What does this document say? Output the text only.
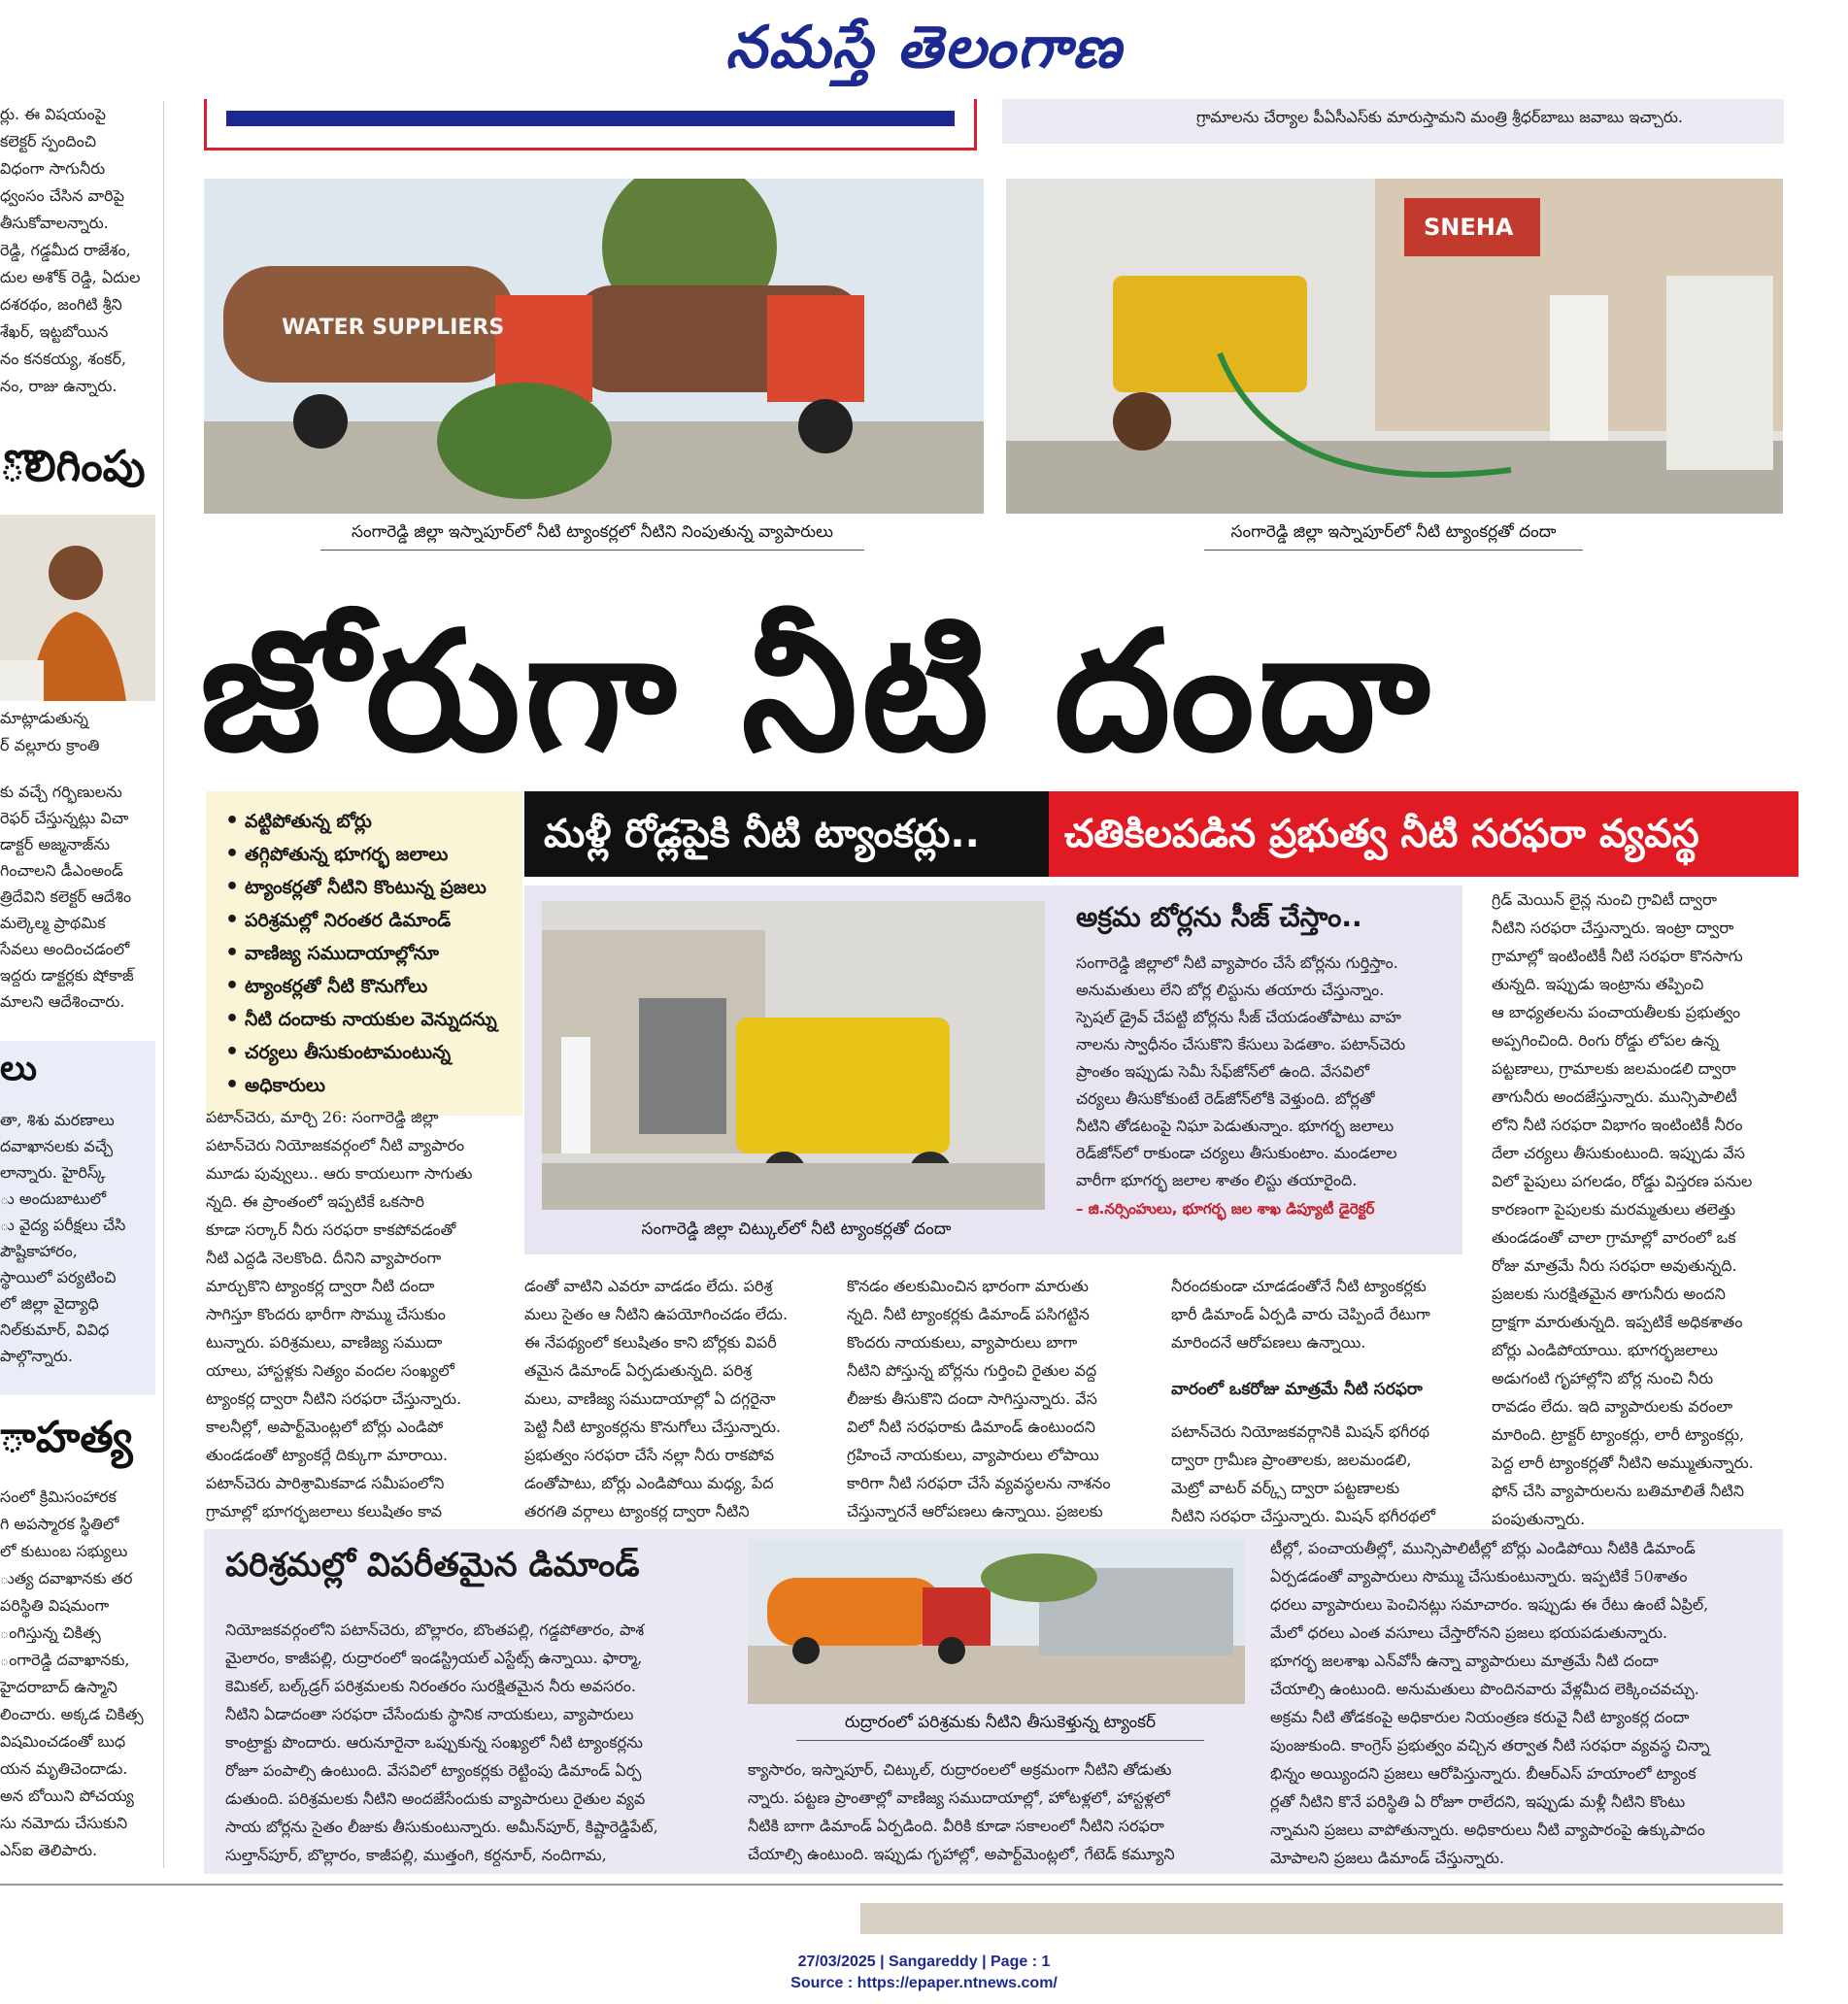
నమస్తే తెలంగాణ
గ్రామాలను చేర్యాల పీఏసీఎస్‌కు మారుస్తామని మంత్రి శ్రీధర్‌బాబు జవాబు ఇచ్చారు.

ర్లు. ఈ విషయంపై

కలెక్టర్ స్పందించి

విధంగా సాగునీరు

ధ్వంసం చేసిన వారిపై

తీసుకోవాలన్నారు.

రెడ్డి, గడ్డమీద రాజేశం,

దుల అశోక్ రెడ్డి, ఏదుల

దశరథం, జంగిటి శ్రీని

శేఖర్, ఇట్టబోయిన

నం కనకయ్య, శంకర్,

నం, రాజు ఉన్నారు.

ొలిగింపు

మాట్లాడుతున్న

ర్ వల్లూరు క్రాంతి

కు వచ్చే గర్భిణులను

రెఫర్ చేస్తున్నట్లు విచా

డాక్టర్ అజ్మనాజ్‌ను

గించాలని డీఎంఅండ్

త్రిదేవిని కలెక్టర్ ఆదేశిం

మల్కెల్మ ప్రాథమిక

సేవలు అందించడంలో

ఇద్దరు డాక్టర్లకు షోకాజ్

మాలని ఆదేశించారు.

లు

తా, శిశు మరణాలు

దవాఖానలకు వచ్చే

లాన్నారు. హైరిస్క్

ు అందుబాటులో

ు వైద్య పరీక్షలు చేసి

పౌష్టికాహారం,

స్థాయిలో పర్యటించి

లో జిల్లా వైద్యాధి

నిల్‌కుమార్, వివిధ

పాల్గొన్నారు.

ాహత్య

సంలో క్రిమిసంహారక

గి అపస్మారక స్థితిలో

లో కుటుంబ సభ్యులు

ుత్య దవాఖానకు తర

పరిస్థితి విషమంగా

ంగిస్తున్న చికిత్స

ంగారెడ్డి దవాఖానకు,

హైదరాబాద్ ఉస్మాని

లించారు. అక్కడ చికిత్స

విషమించడంతో బుధ

యన మృతిచెందాడు.

అన బోయిని పోచయ్య

సు నమోదు చేసుకుని

ఎస్ఐ తెలిపారు.

WATER SUPPLIERS
సంగారెడ్డి జిల్లా ఇస్నాపూర్‌లో నీటి ట్యాంకర్లలో నీటిని నింపుతున్న వ్యాపారులు
SNEHA
సంగారెడ్డి జిల్లా ఇస్నాపూర్‌లో నీటి ట్యాంకర్లతో దందా
జోరుగా నీటి దందా
• వట్టిపోతున్న బోర్లు
• తగ్గిపోతున్న భూగర్భ జలాలు
• ట్యాంకర్లతో నీటిని కొంటున్న ప్రజలు
• పరిశ్రమల్లో నిరంతర డిమాండ్
• వాణిజ్య సముదాయాల్లోనూ
• ట్యాంకర్లతో నీటి కొనుగోలు
• నీటి దందాకు నాయకుల వెన్నుదన్ను
• చర్యలు తీసుకుంటామంటున్న
• అధికారులు
మళ్లీ రోడ్లపైకి నీటి ట్యాంకర్లు..	చతికిలపడిన ప్రభుత్వ నీటి సరఫరా వ్యవస్థ
సంగారెడ్డి జిల్లా చిట్కుల్‌లో నీటి ట్యాంకర్లతో దందా
అక్రమ బోర్లను సీజ్ చేస్తాం..

సంగారెడ్డి జిల్లాలో నీటి వ్యాపారం చేసే బోర్లను గుర్తిస్తాం.

అనుమతులు లేని బోర్ల లిస్టును తయారు చేస్తున్నాం.

స్పెషల్ డ్రైవ్ చేపట్టి బోర్లను సీజ్ చేయడంతోపాటు వాహ

నాలను స్వాధీనం చేసుకొని కేసులు పెడతాం. పటాన్‌చెరు

ప్రాంతం ఇప్పుడు సెమీ సేఫ్‌జోన్‌లో ఉంది. వేసవిలో

చర్యలు తీసుకోకుంటే రెడ్‌జోన్‌లోకి వెళ్తుంది. బోర్లతో

నీటిని తోడటంపై నిఘా పెడుతున్నాం. భూగర్భ జలాలు

రెడ్‌జోన్‌లో రాకుండా చర్యలు తీసుకుంటాం. మండలాల

వారీగా భూగర్భ జలాల శాతం లిస్టు తయారైంది.

– జి.నర్సింహులు, భూగర్భ జల శాఖ డిప్యూటీ డైరెక్టర్

పటాన్‌చెరు, మార్చి 26: సంగారెడ్డి జిల్లా

పటాన్‌చెరు నియోజకవర్గంలో నీటి వ్యాపారం

మూడు పువ్వులు.. ఆరు కాయలుగా సాగుతు

న్నది. ఈ ప్రాంతంలో ఇప్పటికే ఒకసారి

కూడా సర్కార్ నీరు సరఫరా కాకపోవడంతో

నీటి ఎద్దడి నెలకొంది. దీనిని వ్యాపారంగా

మార్చుకొని ట్యాంకర్ల ద్వారా నీటి దందా

సాగిస్తూ కొందరు భారీగా సొమ్ము చేసుకుం

టున్నారు. పరిశ్రమలు, వాణిజ్య సముదా

యాలు, హాస్టళ్లకు నిత్యం వందల సంఖ్యలో

ట్యాంకర్ల ద్వారా నీటిని సరఫరా చేస్తున్నారు.

కాలనీల్లో, అపార్ట్‌మెంట్లలో బోర్లు ఎండిపో

తుండడంతో ట్యాంకర్లే దిక్కుగా మారాయి.

పటాన్‌చెరు పారిశ్రామికవాడ సమీపంలోని

గ్రామాల్లో భూగర్భజలాలు కలుషితం కావ

డంతో వాటిని ఎవరూ వాడడం లేదు. పరిశ్ర

మలు సైతం ఆ నీటిని ఉపయోగించడం లేదు.

ఈ నేపథ్యంలో కలుషితం కాని బోర్లకు విపరీ

తమైన డిమాండ్ ఏర్పడుతున్నది. పరిశ్ర

మలు, వాణిజ్య సముదాయాల్లో ఏ దగ్గరైనా

పెట్టి నీటి ట్యాంకర్లను కొనుగోలు చేస్తున్నారు.

ప్రభుత్వం సరఫరా చేసే నల్లా నీరు రాకపోవ

డంతోపాటు, బోర్లు ఎండిపోయి మధ్య, పేద

తరగతి వర్గాలు ట్యాంకర్ల ద్వారా నీటిని

కొనడం తలకుమించిన భారంగా మారుతు

న్నది. నీటి ట్యాంకర్లకు డిమాండ్ పసిగట్టిన

కొందరు నాయకులు, వ్యాపారులు బాగా

నీటిని పోస్తున్న బోర్లను గుర్తించి రైతుల వద్ద

లీజుకు తీసుకొని దందా సాగిస్తున్నారు. వేస

విలో నీటి సరఫరాకు డిమాండ్ ఉంటుందని

గ్రహించే నాయకులు, వ్యాపారులు లోపాయి

కారిగా నీటి సరఫరా చేసే వ్యవస్థలను నాశనం

చేస్తున్నారనే ఆరోపణలు ఉన్నాయి. ప్రజలకు

నీరందకుండా చూడడంతోనే నీటి ట్యాంకర్లకు

భారీ డిమాండ్ ఏర్పడి వారు చెప్పిందే రేటుగా

మారిందనే ఆరోపణలు ఉన్నాయి.

వారంలో ఒకరోజు మాత్రమే నీటి సరఫరా

పటాన్‌చెరు నియోజకవర్గానికి మిషన్ భగీరథ

ద్వారా గ్రామీణ ప్రాంతాలకు, జలమండలి,

మెట్రో వాటర్ వర్క్స్ ద్వారా పట్టణాలకు

నీటిని సరఫరా చేస్తున్నారు. మిషన్ భగీరథలో

గ్రిడ్ మెయిన్ లైన్ల నుంచి గ్రావిటీ ద్వారా

నీటిని సరఫరా చేస్తున్నారు. ఇంట్రా ద్వారా

గ్రామాల్లో ఇంటింటికీ నీటి సరఫరా కొనసాగు

తున్నది. ఇప్పుడు ఇంట్రాను తప్పించి

ఆ బాధ్యతలను పంచాయతీలకు ప్రభుత్వం

అప్పగించింది. రింగు రోడ్డు లోపల ఉన్న

పట్టణాలు, గ్రామాలకు జలమండలి ద్వారా

తాగునీరు అందజేస్తున్నారు. మున్సిపాలిటీ

లోని నీటి సరఫరా విభాగం ఇంటింటికీ నీరం

దేలా చర్యలు తీసుకుంటుంది. ఇప్పుడు వేస

విలో పైపులు పగలడం, రోడ్డు విస్తరణ పనుల

కారణంగా పైపులకు మరమ్మతులు తలెత్తు

తుండడంతో చాలా గ్రామాల్లో వారంలో ఒక

రోజు మాత్రమే నీరు సరఫరా అవుతున్నది.

ప్రజలకు సురక్షితమైన తాగునీరు అందని

ద్రాక్షగా మారుతున్నది. ఇప్పటికే అధికశాతం

బోర్లు ఎండిపోయాయి. భూగర్భజలాలు

అడుగంటి గృహాల్లోని బోర్ల నుంచి నీరు

రావడం లేదు. ఇది వ్యాపారులకు వరంలా

మారింది. ట్రాక్టర్ ట్యాంకర్లు, లారీ ట్యాంకర్లు,

పెద్ద లారీ ట్యాంకర్లతో నీటిని అమ్ముతున్నారు.

ఫోన్ చేసి వ్యాపారులను బతిమాలితే నీటిని

పంపుతున్నారు.

పరిశ్రమల్లో విపరీతమైన డిమాండ్

నియోజకవర్గంలోని పటాన్‌చెరు, బొల్లారం, బొంతపల్లి, గడ్డపోతారం, పాశ

మైలారం, కాజీపల్లి, రుద్రారంలో ఇండస్ట్రియల్ ఎస్టేట్స్ ఉన్నాయి. ఫార్మా,

కెమికల్, బల్క్‌డ్రగ్ పరిశ్రమలకు నిరంతరం సురక్షితమైన నీరు అవసరం.

నీటిని ఏడాదంతా సరఫరా చేసేందుకు స్థానిక నాయకులు, వ్యాపారులు

కాంట్రాక్టు పొందారు. ఆరునూరైనా ఒప్పుకున్న సంఖ్యలో నీటి ట్యాంకర్లను

రోజూ పంపాల్సి ఉంటుంది. వేసవిలో ట్యాంకర్లకు రెట్టింపు డిమాండ్ ఏర్ప

డుతుంది. పరిశ్రమలకు నీటిని అందజేసేందుకు వ్యాపారులు రైతుల వ్యవ

సాయ బోర్లను సైతం లీజుకు తీసుకుంటున్నారు. అమీన్‌పూర్, కిష్టారెడ్డిపేట్,

సుల్తాన్‌పూర్, బొల్లారం, కాజీపల్లి, ముత్తంగి, కర్దనూర్, నందిగామ,

రుద్రారంలో పరిశ్రమకు నీటిని తీసుకెళ్తున్న ట్యాంకర్

క్యాసారం, ఇస్నాపూర్, చిట్కుల్, రుద్రారంలలో అక్రమంగా నీటిని తోడుతు

న్నారు. పట్టణ ప్రాంతాల్లో వాణిజ్య సముదాయాల్లో, హోటళ్లలో, హాస్టళ్లలో

నీటికి బాగా డిమాండ్ ఏర్పడింది. వీరికి కూడా సకాలంలో నీటిని సరఫరా

చేయాల్సి ఉంటుంది. ఇప్పుడు గృహాల్లో, అపార్ట్‌మెంట్లలో, గేటెడ్ కమ్యూని

టీల్లో, పంచాయతీల్లో, మున్సిపాలిటీల్లో బోర్లు ఎండిపోయి నీటికి డిమాండ్

ఏర్పడడంతో వ్యాపారులు సొమ్ము చేసుకుంటున్నారు. ఇప్పటికే 50శాతం

ధరలు వ్యాపారులు పెంచినట్లు సమాచారం. ఇప్పుడు ఈ రేటు ఉంటే ఏప్రిల్,

మేలో ధరలు ఎంత వసూలు చేస్తారోనని ప్రజలు భయపడుతున్నారు.

భూగర్భ జలశాఖ ఎన్‌వోసీ ఉన్నా వ్యాపారులు మాత్రమే నీటి దందా

చేయాల్సి ఉంటుంది. అనుమతులు పొందినవారు వేళ్లమీద లెక్కించవచ్చు.

అక్రమ నీటి తోడకంపై అధికారుల నియంత్రణ కరువై నీటి ట్యాంకర్ల దందా

పుంజుకుంది. కాంగ్రెస్ ప్రభుత్వం వచ్చిన తర్వాత నీటి సరఫరా వ్యవస్థ చిన్నా

భిన్నం అయ్యిందని ప్రజలు ఆరోపిస్తున్నారు. బీఆర్‌ఎస్ హయాంలో ట్యాంక

ర్లతో నీటిని కొనే పరిస్థితి ఏ రోజూ రాలేదని, ఇప్పుడు మళ్లీ నీటిని కొంటు

న్నామని ప్రజలు వాపోతున్నారు. అధికారులు నీటి వ్యాపారంపై ఉక్కుపాదం

మోపాలని ప్రజలు డిమాండ్ చేస్తున్నారు.

27/03/2025 | Sangareddy | Page : 1
Source : https://epaper.ntnews.com/
